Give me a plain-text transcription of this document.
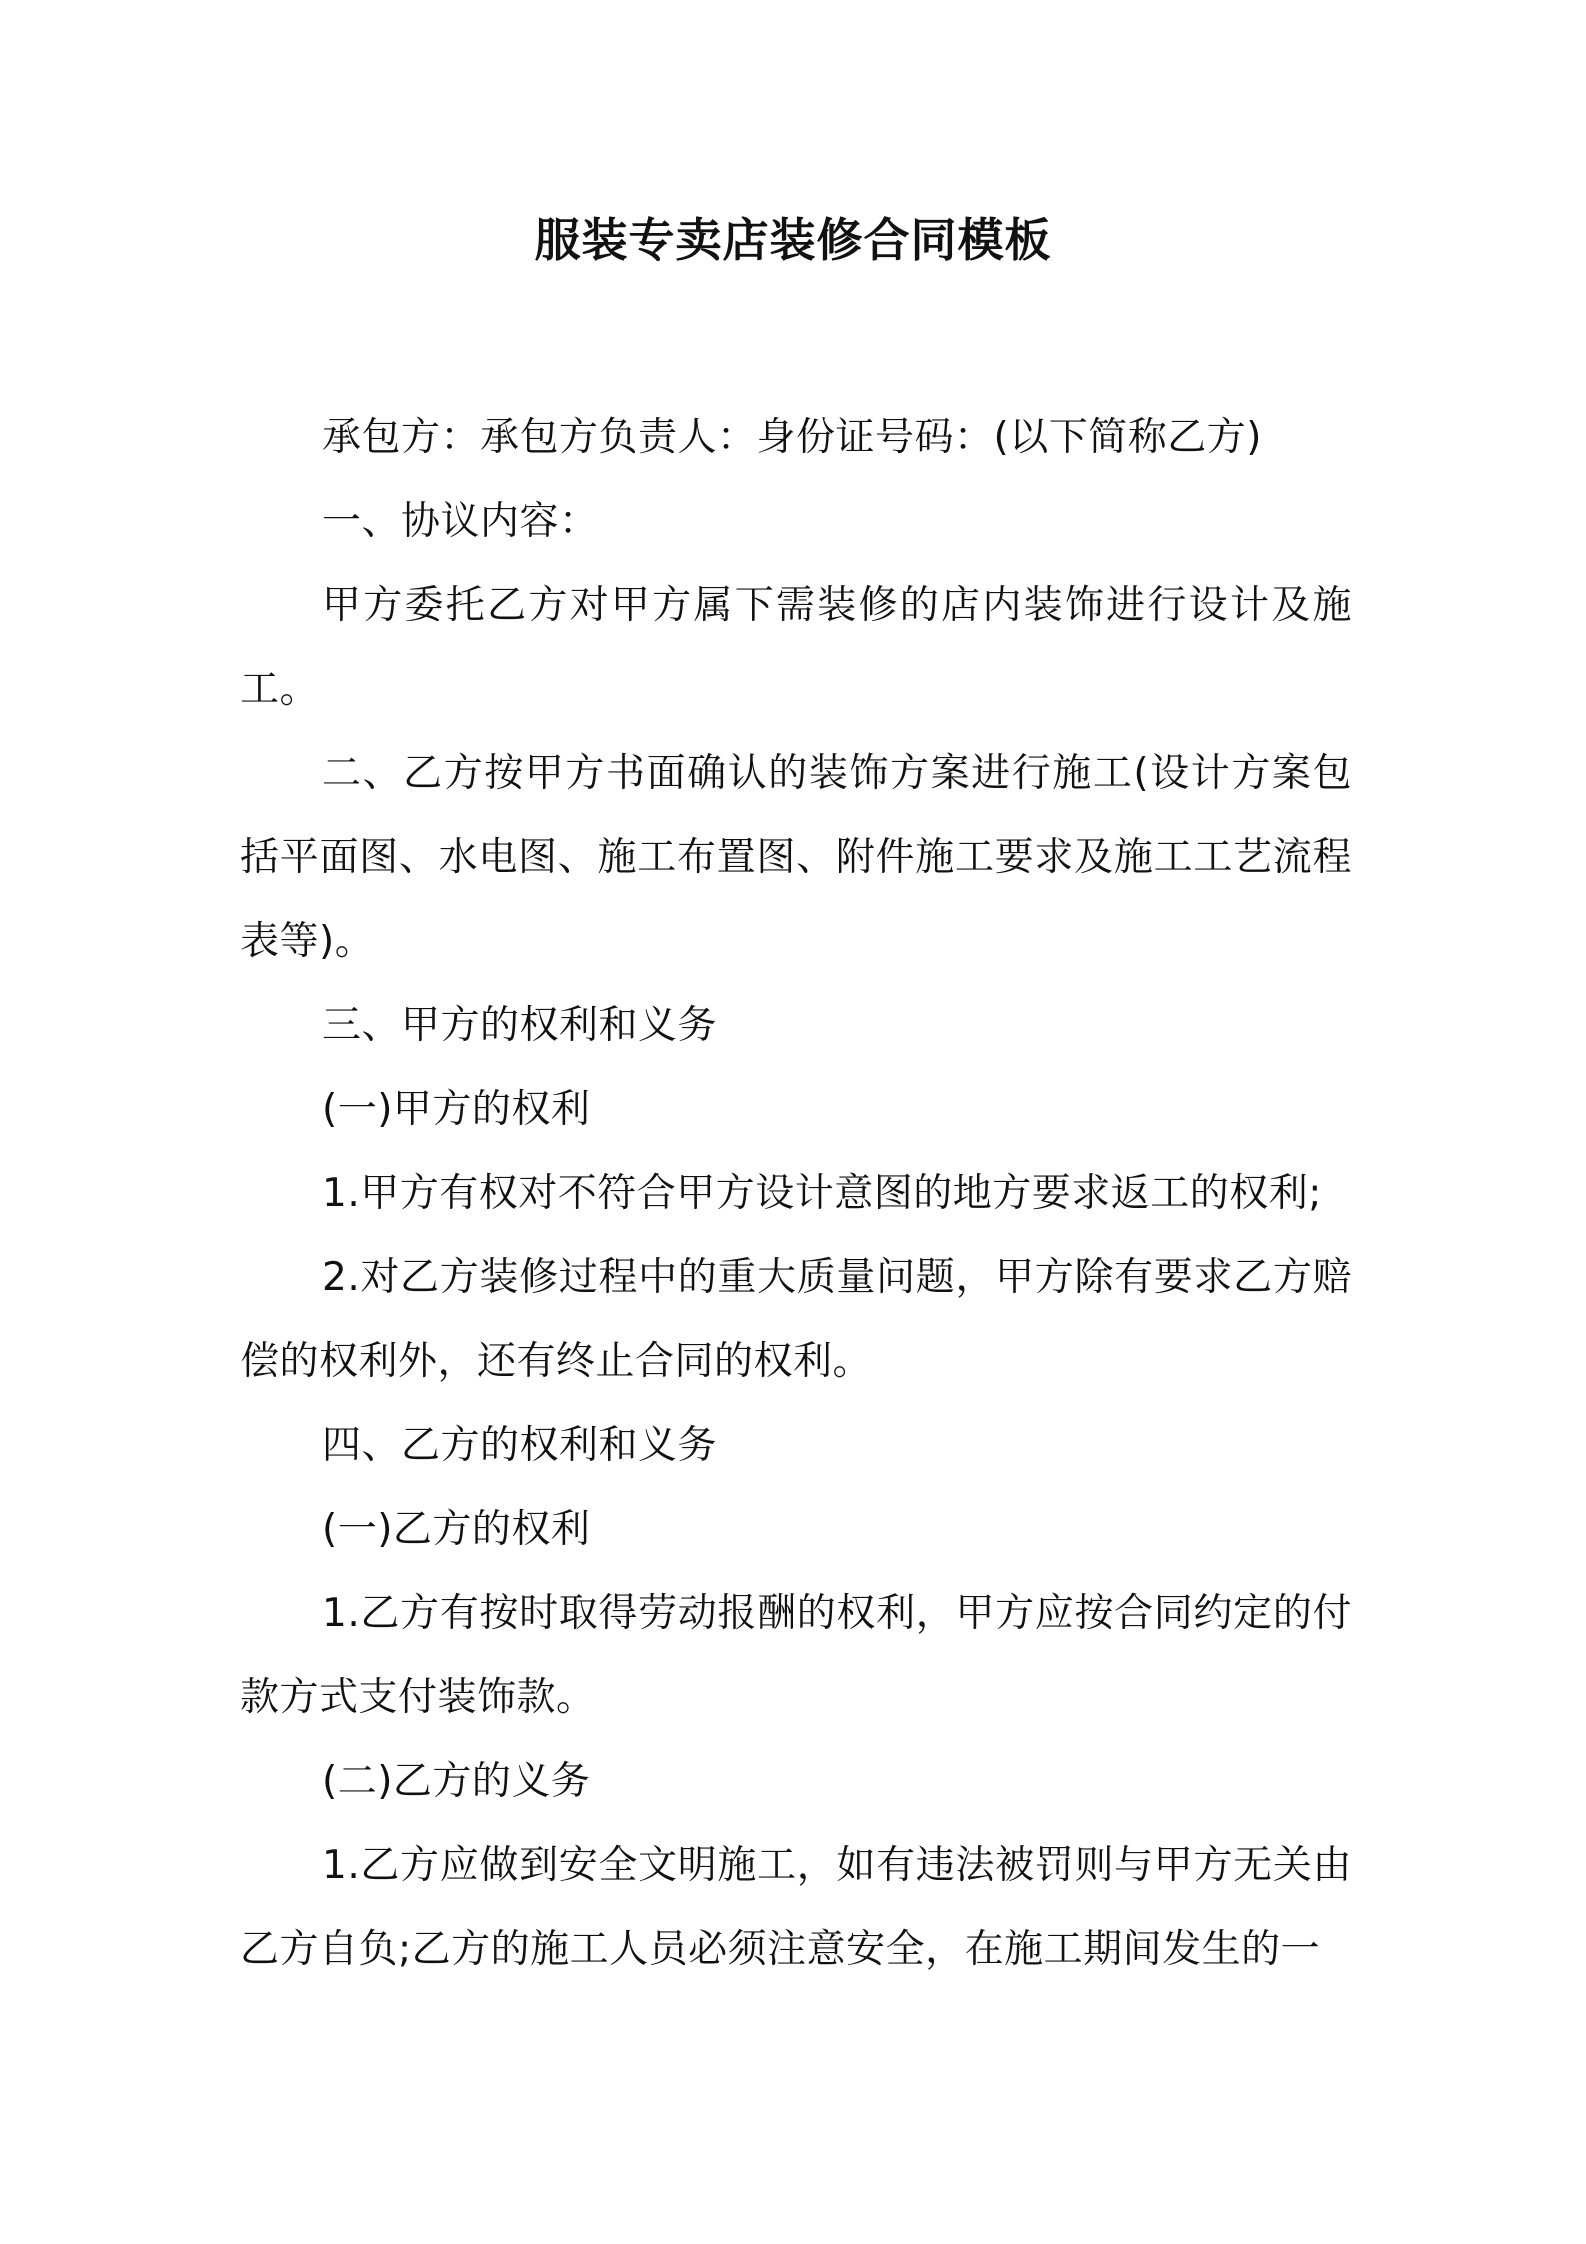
服装专卖店装修合同模板

承包方：承包方负责人：身份证号码：(以下简称乙方)

一、协议内容：

甲方委托乙方对甲方属下需装修的店内装饰进行设计及施工。

二、乙方按甲方书面确认的装饰方案进行施工(设计方案包括平面图、水电图、施工布置图、附件施工要求及施工工艺流程表等)。

三、甲方的权利和义务

(一)甲方的权利

1.甲方有权对不符合甲方设计意图的地方要求返工的权利;

2.对乙方装修过程中的重大质量问题，甲方除有要求乙方赔偿的权利外，还有终止合同的权利。

四、乙方的权利和义务

(一)乙方的权利

1.乙方有按时取得劳动报酬的权利，甲方应按合同约定的付款方式支付装饰款。

(二)乙方的义务

1.乙方应做到安全文明施工，如有违法被罚则与甲方无关由乙方自负;乙方的施工人员必须注意安全，在施工期间发生的一
